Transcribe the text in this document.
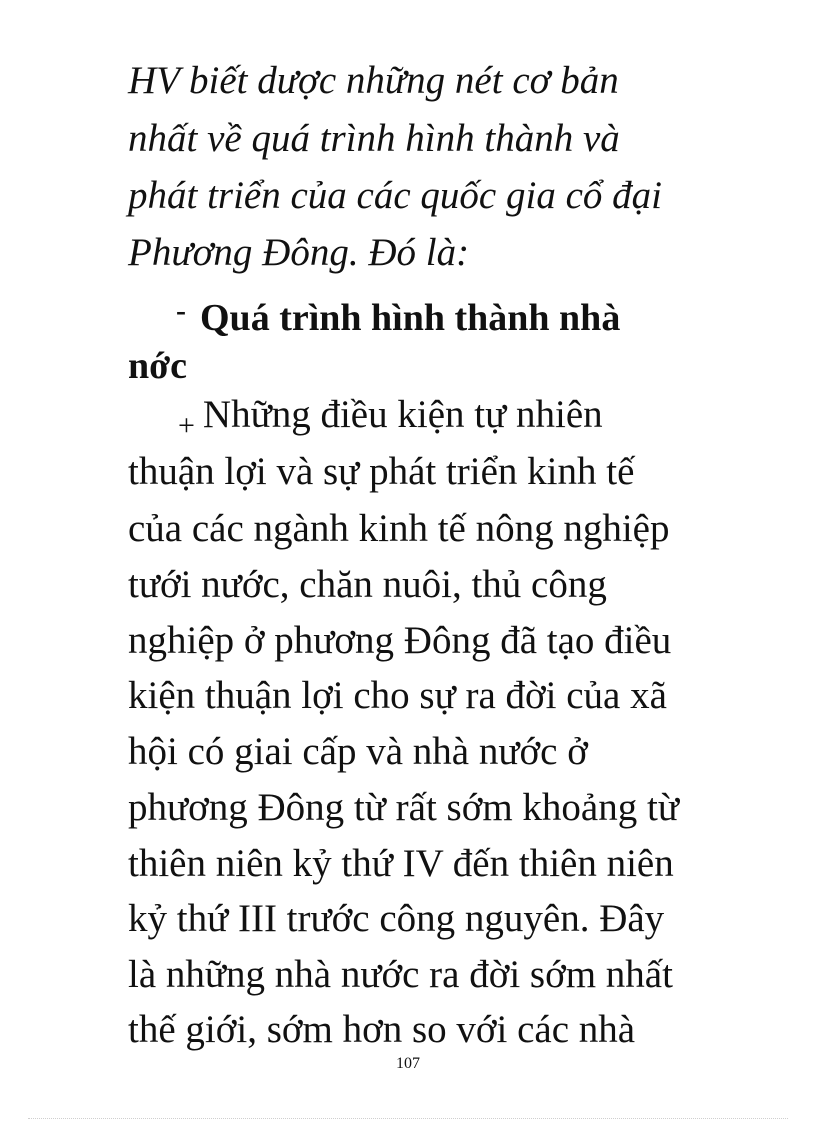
HV biết dược những nét cơ bản
nhất về quá trình hình thành và
phát triển của các quốc gia cổ đại
Phương Đông. Đó là:
- Quá trình hình thành nhà
nớc
$_+$ Những điều kiện tự nhiên
thuận lợi và sự phát triển kinh tế
của các ngành kinh tế nông nghiệp
tưới nước, chăn nuôi, thủ công
nghiệp ở phương Đông đã tạo điều
kiện thuận lợi cho sự ra đời của xã
hội có giai cấp và nhà nước ở
phương Đông từ rất sớm khoảng từ
thiên niên kỷ thứ IV đến thiên niên
kỷ thứ III trước công nguyên. Đây
là những nhà nước ra đời sớm nhất
thế giới, sớm hơn so với các nhà
107
